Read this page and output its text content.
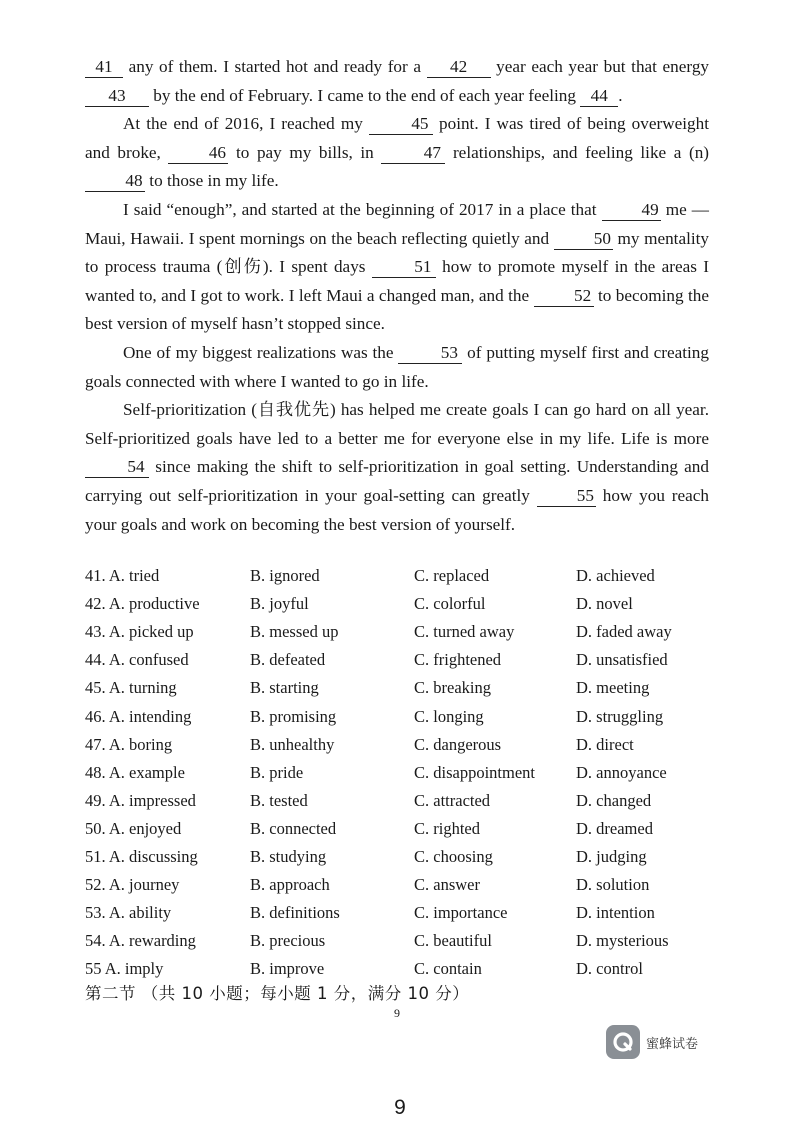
41 any of them. I started hot and ready for a 42 year each year but that energy 43 by the end of February. I came to the end of each year feeling 44 .

At the end of 2016, I reached my 45 point. I was tired of being overweight and broke, 46 to pay my bills, in 47 relationships, and feeling like a (n) 48 to those in my life.

I said “enough”, and started at the beginning of 2017 in a place that 49 me — Maui, Hawaii. I spent mornings on the beach reflecting quietly and 50 my mentality to process trauma (创伤). I spent days 51 how to promote myself in the areas I wanted to, and I got to work. I left Maui a changed man, and the 52 to becoming the best version of myself hasn’t stopped since.

One of my biggest realizations was the 53 of putting myself first and creating goals connected with where I wanted to go in life.

Self-prioritization (自我优先) has helped me create goals I can go hard on all year. Self-prioritized goals have led to a better me for everyone else in my life. Life is more 54 since making the shift to self-prioritization in goal setting. Understanding and carrying out self-prioritization in your goal-setting can greatly 55 how you reach your goals and work on becoming the best version of yourself.

41. A. tried	B. ignored	C. replaced	D. achieved
42. A. productive	B. joyful	C. colorful	D. novel
43. A. picked up	B. messed up	C. turned away	D. faded away
44. A. confused	B. defeated	C. frightened	D. unsatisfied
45. A. turning	B. starting	C. breaking	D. meeting
46. A. intending	B. promising	C. longing	D. struggling
47. A. boring	B. unhealthy	C. dangerous	D. direct
48. A. example	B. pride	C. disappointment	D. annoyance
49. A. impressed	B. tested	C. attracted	D. changed
50. A. enjoyed	B. connected	C. righted	D. dreamed
51. A. discussing	B. studying	C. choosing	D. judging
52. A. journey	B. approach	C. answer	D. solution
53. A. ability	B. definitions	C. importance	D. intention
54. A. rewarding	B. precious	C. beautiful	D. mysterious
55 A. imply	B. improve	C. contain	D. control
第二节 （共 10 小题；每小题 1 分，满分 10 分）
9
蜜蜂试卷
9
